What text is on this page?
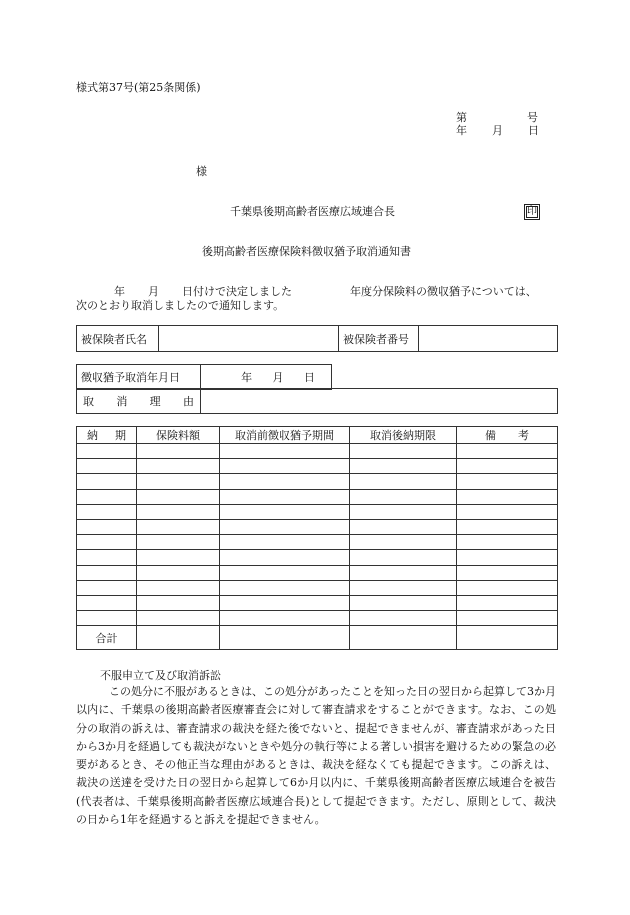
様式第37号(第25条関係)
第	号
年 月 日
様
千葉県後期高齢者医療広域連合長	印
後期高齢者医療保険料徴収猶予取消通知書
年 月 日付けで決定しました	年度分保険料の徴収猶予については、
次のとおり取消しましたので通知します。
被保険者氏名		被保険者番号	
徴収猶予取消年月日	年 月 日
取 消 理 由

納 期	保険料額	取消前徴収猶予期間	取消後納期限	備 考

合計				
不服申立て及び取消訴訟

この処分に不服があるときは、この処分があったことを知った日の翌日から起算して3か月以内に、千葉県の後期高齢者医療審査会に対して審査請求をすることができます。なお、この処分の取消の訴えは、審査請求の裁決を経た後でないと、提起できませんが、審査請求があった日から3か月を経過しても裁決がないときや処分の執行等による著しい損害を避けるための緊急の必要があるとき、その他正当な理由があるときは、裁決を経なくても提起できます。この訴えは、裁決の送達を受けた日の翌日から起算して6か月以内に、千葉県後期高齢者医療広域連合を被告(代表者は、千葉県後期高齢者医療広域連合長)として提起できます。ただし、原則として、裁決の日から1年を経過すると訴えを提起できません。
